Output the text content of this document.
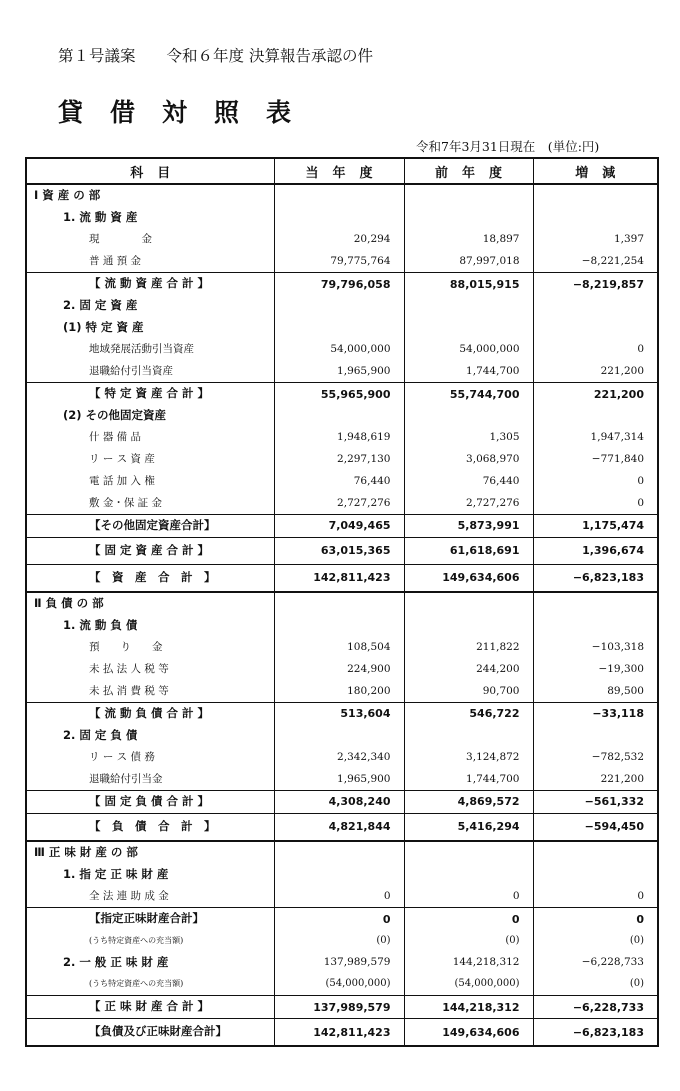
第１号議案　　 令和６年度 決算報告承認の件
貸借対照表
令和7年3月31日現在　(単位:円)
科目	当年度	前年度	増減
Ⅰ 資 産 の 部			
1. 流 動 資 産			
現　　　　金	20,294	18,897	1,397
普 通 預 金	79,775,764	87,997,018	−8,221,254
【 流 動 資 産 合 計 】	79,796,058	88,015,915	−8,219,857
2. 固 定 資 産			
(1) 特 定 資 産			
地域発展活動引当資産	54,000,000	54,000,000	0
退職給付引当資産	1,965,900	1,744,700	221,200
【 特 定 資 産 合 計 】	55,965,900	55,744,700	221,200
(2) その他固定資産			
什 器 備 品	1,948,619	1,305	1,947,314
リ ー ス 資 産	2,297,130	3,068,970	−771,840
電 話 加 入 権	76,440	76,440	0
敷 金・保 証 金	2,727,276	2,727,276	0
【その他固定資産合計】	7,049,465	5,873,991	1,175,474
【 固 定 資 産 合 計 】	63,015,365	61,618,691	1,396,674
【　資　産　合　計　】	142,811,423	149,634,606	−6,823,183
Ⅱ 負 債 の 部			
1. 流 動 負 債			
預　　り　　金	108,504	211,822	−103,318
未 払 法 人 税 等	224,900	244,200	−19,300
未 払 消 費 税 等	180,200	90,700	89,500
【 流 動 負 債 合 計 】	513,604	546,722	−33,118
2. 固 定 負 債			
リ ー ス 債 務	2,342,340	3,124,872	−782,532
退職給付引当金	1,965,900	1,744,700	221,200
【 固 定 負 債 合 計 】	4,308,240	4,869,572	−561,332
【　負　債　合　計　】	4,821,844	5,416,294	−594,450
Ⅲ 正 味 財 産 の 部			
1. 指 定 正 味 財 産			
全 法 連 助 成 金	0	0	0
【指定正味財産合計】	0	0	0
(うち特定資産への充当額)	(0)	(0)	(0)
2. 一 般 正 味 財 産	137,989,579	144,218,312	−6,228,733
(うち特定資産への充当額)	(54,000,000)	(54,000,000)	(0)
【 正 味 財 産 合 計 】	137,989,579	144,218,312	−6,228,733
【負債及び正味財産合計】	142,811,423	149,634,606	−6,823,183
